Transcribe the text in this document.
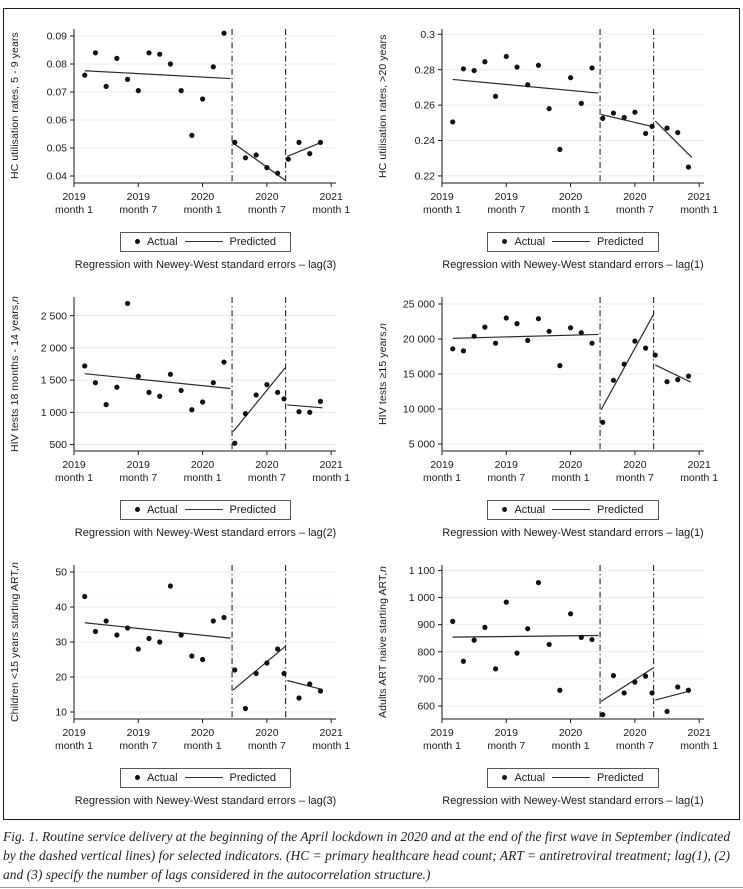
HC utilisation rates, 5 - 9 years 0.04
0.05
0.06
0.07
0.08
0.09
2019
month 1
2019
month 7
2020
month 1
2020
month 7
2021
month 1
Actual	Predicted
Regression with Newey-West standard errors – lag(3)
HC utilisation rates, >20 years 0.22
0.24
0.26
0.28
0.3
2019
month 1
2019
month 7
2020
month 1
2020
month 7
2021
month 1
Actual	Predicted
Regression with Newey-West standard errors – lag(1)
HIV tests 18 months - 14 years,
n
500
1 000
1 500
2 000
2 500
2019
month 1
2019
month 7
2020
month 1
2020
month 7
2021
month 1
Actual	Predicted
Regression with Newey-West standard errors – lag(2)
HIV tests ≥15 years,
n
5 000
10 000
15 000
20 000
25 000
2019
month 1
2019
month 7
2020
month 1
2020
month 7
2021
month 1
Actual	Predicted
Regression with Newey-West standard errors – lag(1)
Children <15 years starting ART,
n
10
20
30
40
50
2019
month 1
2019
month 7
2020
month 1
2020
month 7
2021
month 1
Actual	Predicted
Regression with Newey-West standard errors – lag(3)
Adults ART naive starting ART,
n
600
700
800
900
1 000
1 100
2019
month 1
2019
month 7
2020
month 1
2020
month 7
2021
month 1
Actual	Predicted
Regression with Newey-West standard errors – lag(1)
Fig. 1. Routine service delivery at the beginning of the April lockdown in 2020 and at the end of the first wave in September (indicated by the dashed vertical lines) for selected indicators. (HC = primary healthcare head count; ART = antiretroviral treatment; lag(1), (2) and (3) specify the number of lags considered in the autocorrelation structure.)
